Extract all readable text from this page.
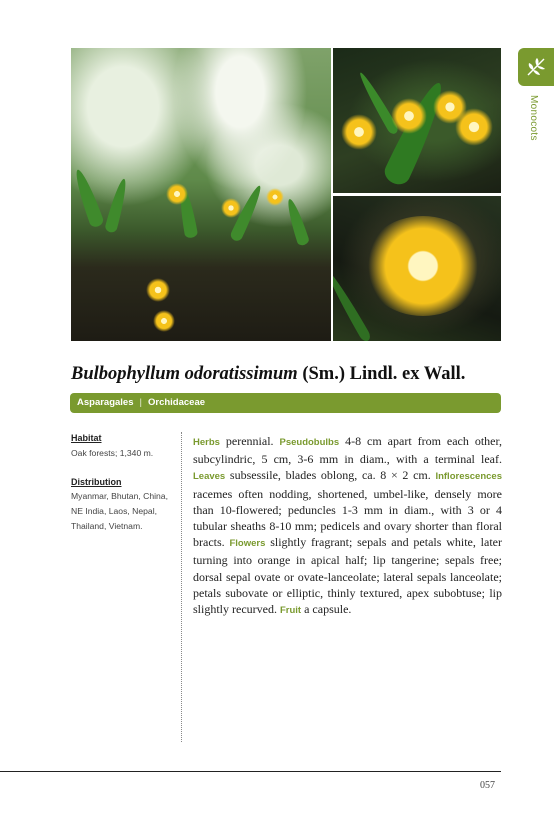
Monocots
Bulbophyllum odoratissimum (Sm.) Lindl. ex Wall.
Asparagales | Orchidaceae
Habitat
Oak forests; 1,340 m.
Distribution
Myanmar, Bhutan, China, NE India, Laos, Nepal, Thailand, Vietnam.
Herbs perennial. Pseudobulbs 4-8 cm apart from each other, subcylindric, 5 cm, 3-6 mm in diam., with a terminal leaf. Leaves subsessile, blades oblong, ca. 8 × 2 cm. Inflorescences racemes often nodding, shortened, umbel-like, densely more than 10-flowered; peduncles 1-3 mm in diam., with 3 or 4 tubular sheaths 8-10 mm; pedicels and ovary shorter than floral bracts. Flowers slightly fragrant; sepals and petals white, later turning into orange in apical half; lip tangerine; sepals free; dorsal sepal ovate or ovate-lanceolate; lateral sepals lanceolate; petals subovate or elliptic, thinly textured, apex subobtuse; lip slightly recurved. Fruit a capsule.
057
